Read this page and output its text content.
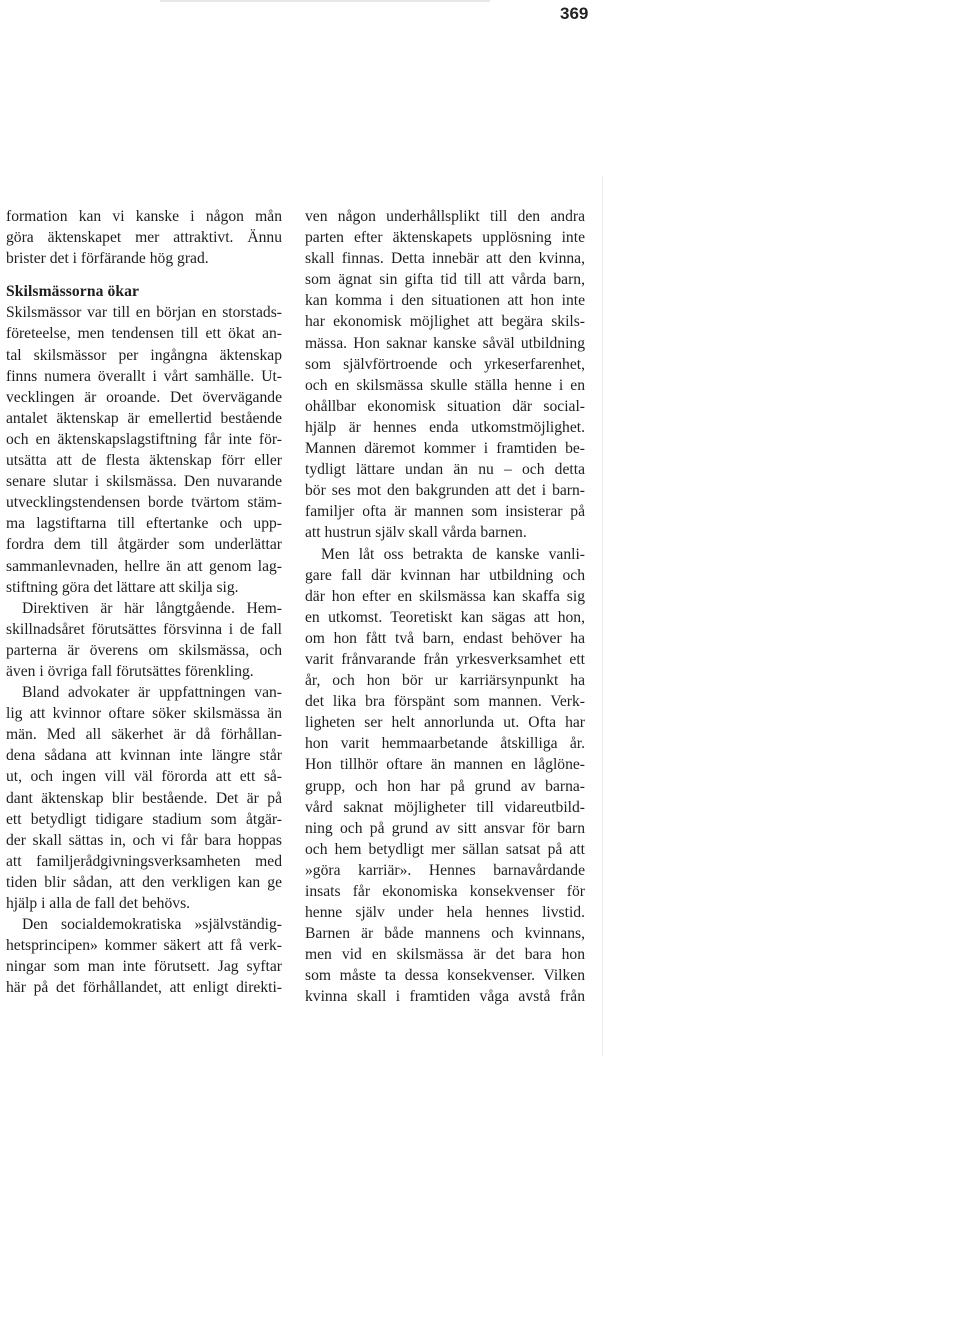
369
formation kan vi kanske i någon mån
göra äktenskapet mer attraktivt. Ännu
brister det i förfärande hög grad.
Skilsmässorna ökar
Skilsmässor var till en början en storstads-
företeelse, men tendensen till ett ökat an-
tal skilsmässor per ingångna äktenskap
finns numera överallt i vårt samhälle. Ut-
vecklingen är oroande. Det övervägande
antalet äktenskap är emellertid bestående
och en äktenskapslagstiftning får inte för-
utsätta att de flesta äktenskap förr eller
senare slutar i skilsmässa. Den nuvarande
utvecklingstendensen borde tvärtom stäm-
ma lagstiftarna till eftertanke och upp-
fordra dem till åtgärder som underlättar
sammanlevnaden, hellre än att genom lag-
stiftning göra det lättare att skilja sig.
Direktiven är här långtgående. Hem-
skillnadsåret förutsättes försvinna i de fall
parterna är överens om skilsmässa, och
även i övriga fall förutsättes förenkling.
Bland advokater är uppfattningen van-
lig att kvinnor oftare söker skilsmässa än
män. Med all säkerhet är då förhållan-
dena sådana att kvinnan inte längre står
ut, och ingen vill väl förorda att ett så-
dant äktenskap blir bestående. Det är på
ett betydligt tidigare stadium som åtgär-
der skall sättas in, och vi får bara hoppas
att familjerådgivningsverksamheten med
tiden blir sådan, att den verkligen kan ge
hjälp i alla de fall det behövs.
Den socialdemokratiska »självständig-
hetsprincipen» kommer säkert att få verk-
ningar som man inte förutsett. Jag syftar
här på det förhållandet, att enligt direkti-
ven någon underhållsplikt till den andra
parten efter äktenskapets upplösning inte
skall finnas. Detta innebär att den kvinna,
som ägnat sin gifta tid till att vårda barn,
kan komma i den situationen att hon inte
har ekonomisk möjlighet att begära skils-
mässa. Hon saknar kanske såväl utbildning
som självförtroende och yrkeserfarenhet,
och en skilsmässa skulle ställa henne i en
ohållbar ekonomisk situation där social-
hjälp är hennes enda utkomstmöjlighet.
Mannen däremot kommer i framtiden be-
tydligt lättare undan än nu – och detta
bör ses mot den bakgrunden att det i barn-
familjer ofta är mannen som insisterar på
att hustrun själv skall vårda barnen.
Men låt oss betrakta de kanske vanli-
gare fall där kvinnan har utbildning och
där hon efter en skilsmässa kan skaffa sig
en utkomst. Teoretiskt kan sägas att hon,
om hon fått två barn, endast behöver ha
varit frånvarande från yrkesverksamhet ett
år, och hon bör ur karriärsynpunkt ha
det lika bra förspänt som mannen. Verk-
ligheten ser helt annorlunda ut. Ofta har
hon varit hemmaarbetande åtskilliga år.
Hon tillhör oftare än mannen en låglöne-
grupp, och hon har på grund av barna-
vård saknat möjligheter till vidareutbild-
ning och på grund av sitt ansvar för barn
och hem betydligt mer sällan satsat på att
»göra karriär». Hennes barnavårdande
insats får ekonomiska konsekvenser för
henne själv under hela hennes livstid.
Barnen är både mannens och kvinnans,
men vid en skilsmässa är det bara hon
som måste ta dessa konsekvenser. Vilken
kvinna skall i framtiden våga avstå från
